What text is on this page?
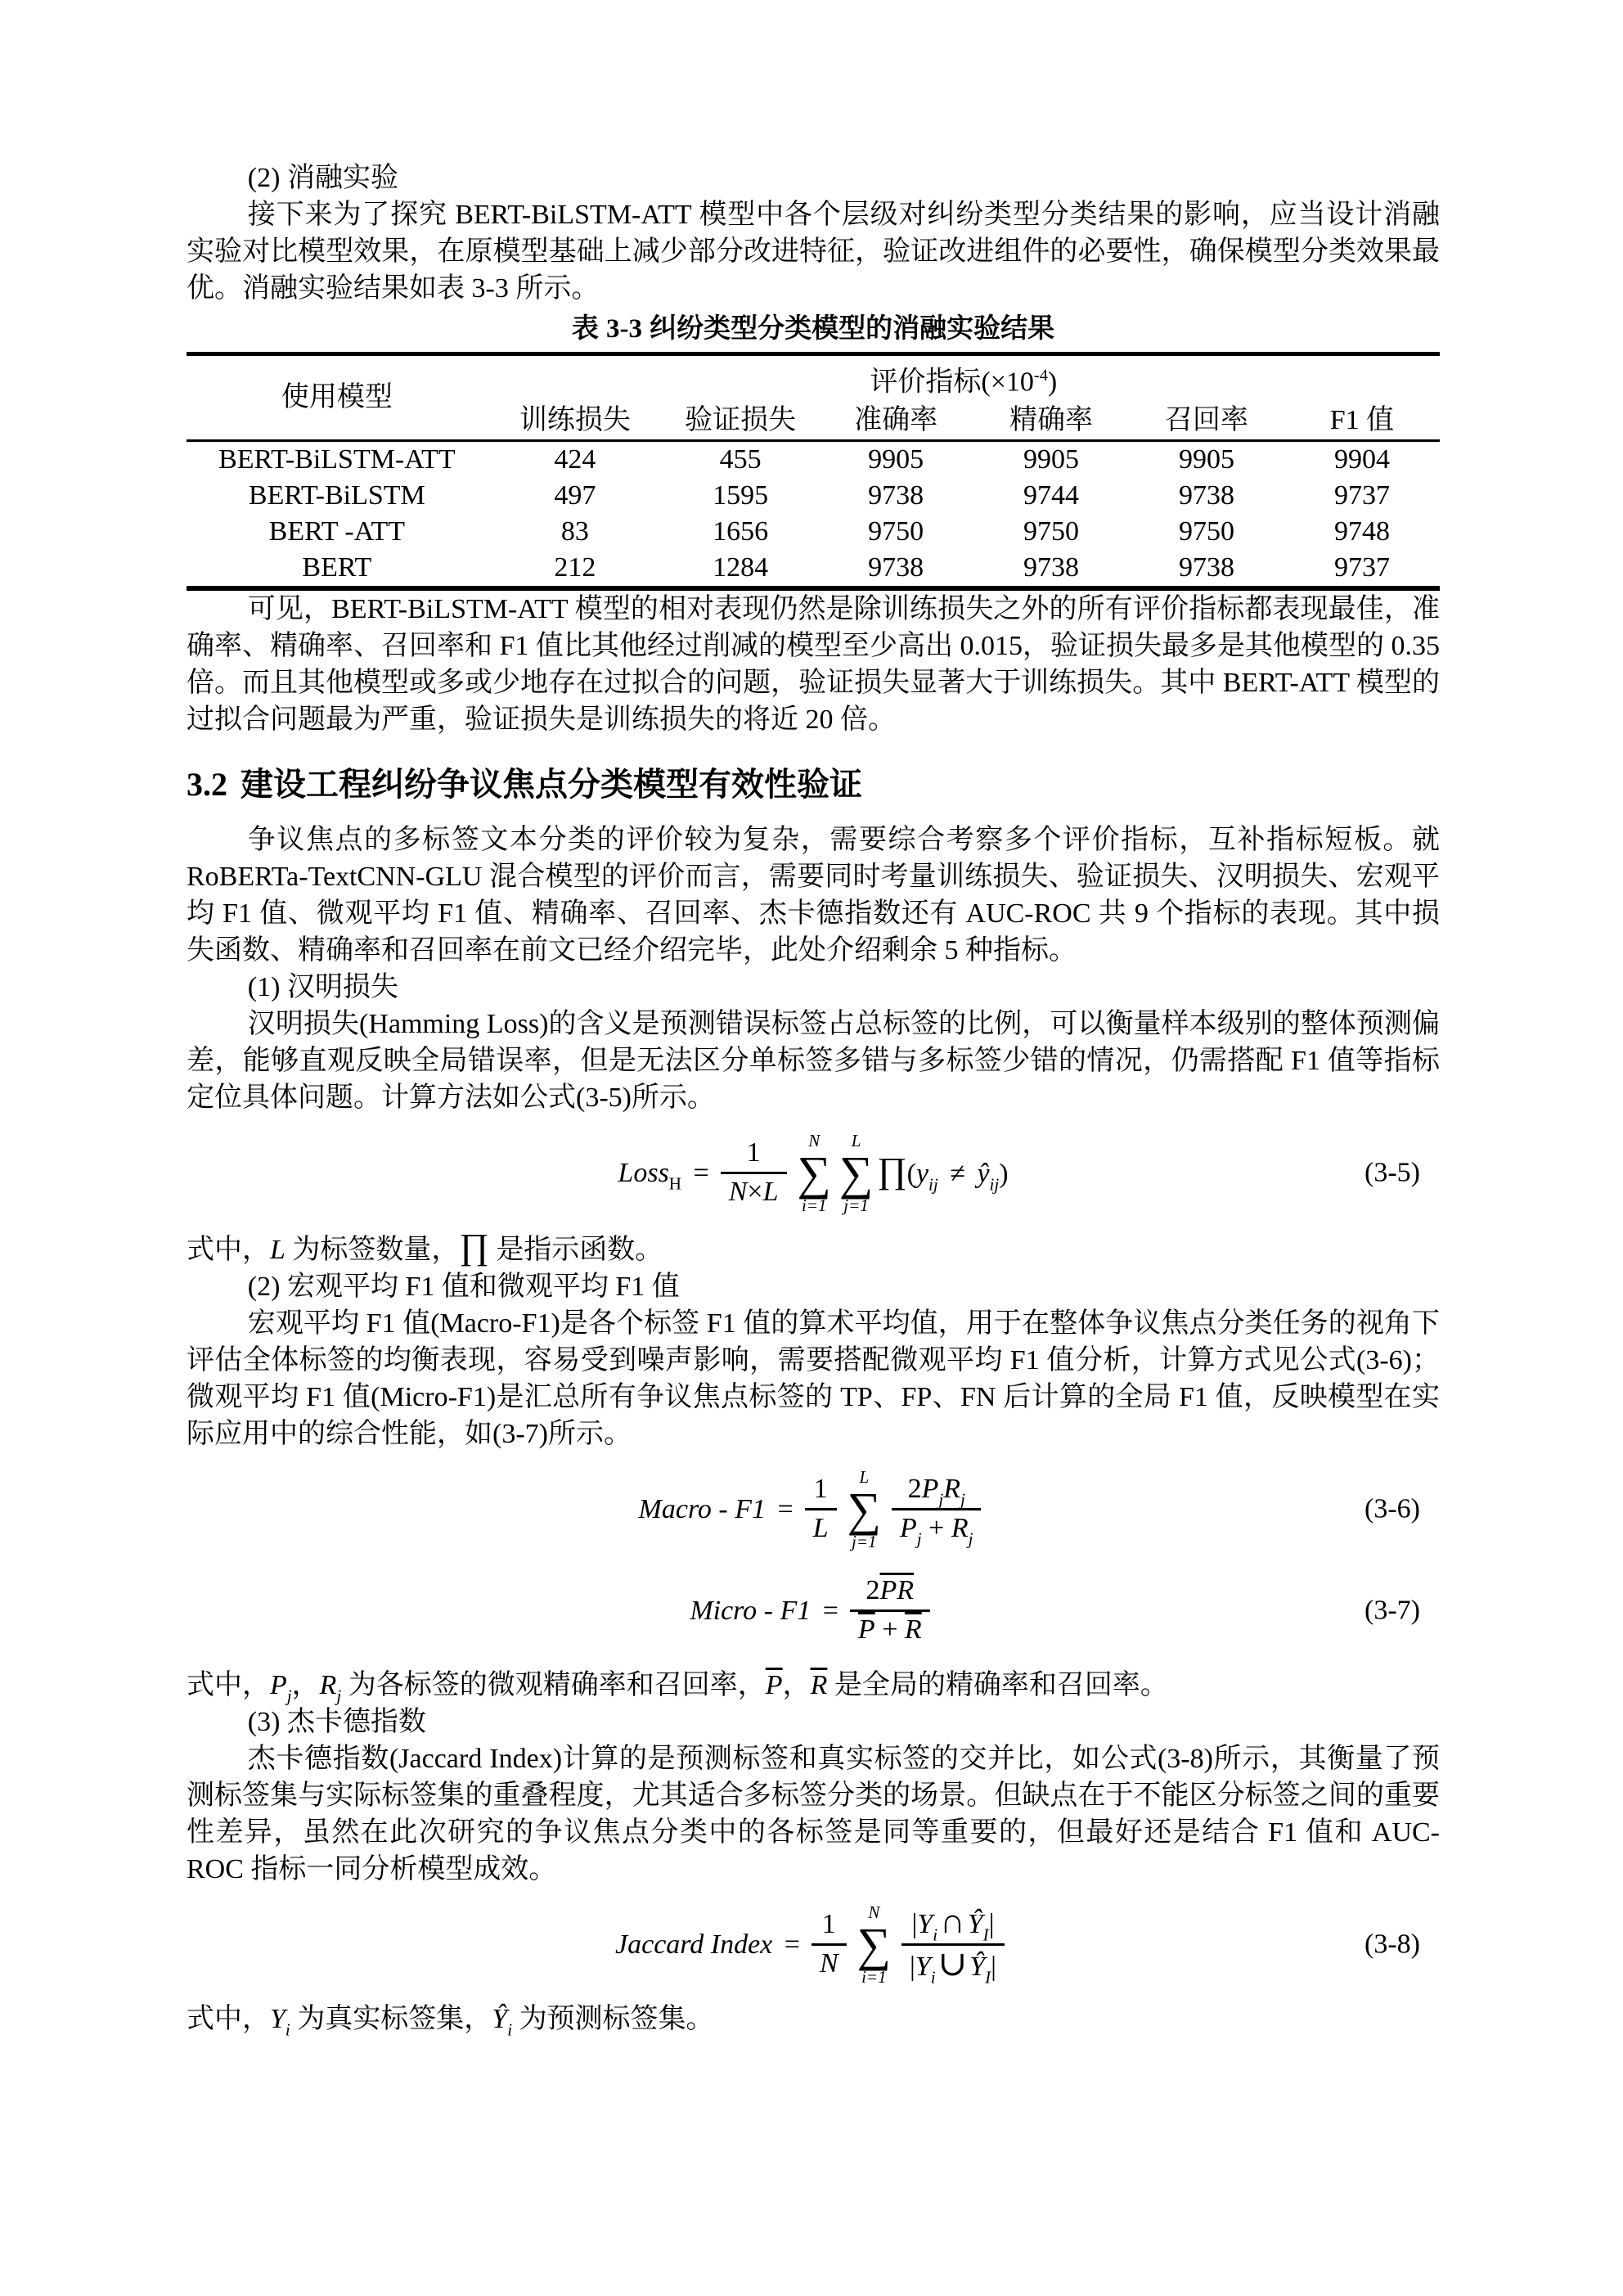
(2) 消融实验

接下来为了探究 BERT-BiLSTM-ATT 模型中各个层级对纠纷类型分类结果的影响，应当设计消融实验对比模型效果，在原模型基础上减少部分改进特征，验证改进组件的必要性，确保模型分类效果最优。消融实验结果如表 3-3 所示。

表 3-3 纠纷类型分类模型的消融实验结果
使用模型	评价指标$(\times 10^{-4})$					
	训练损失	验证损失	准确率	精确率	召回率	F1 值
BERT-BiLSTM-ATT	424	455	9905	9905	9905	9904
BERT-BiLSTM	497	1595	9738	9744	9738	9737
BERT -ATT	83	1656	9750	9750	9750	9748
BERT	212	1284	9738	9738	9738	9737

可见，BERT-BiLSTM-ATT 模型的相对表现仍然是除训练损失之外的所有评价指标都表现最佳，准确率、精确率、召回率和 F1 值比其他经过削减的模型至少高出 0.015，验证损失最多是其他模型的 0.35 倍。而且其他模型或多或少地存在过拟合的问题，验证损失显著大于训练损失。其中 BERT-ATT 模型的过拟合问题最为严重，验证损失是训练损失的将近 20 倍。

3.2 建设工程纠纷争议焦点分类模型有效性验证

争议焦点的多标签文本分类的评价较为复杂，需要综合考察多个评价指标，互补指标短板。就 RoBERTa-TextCNN-GLU 混合模型的评价而言，需要同时考量训练损失、验证损失、汉明损失、宏观平均 F1 值、微观平均 F1 值、精确率、召回率、杰卡德指数还有 AUC-ROC 共 9 个指标的表现。其中损失函数、精确率和召回率在前文已经介绍完毕，此处介绍剩余 5 种指标。

(1) 汉明损失

汉明损失(Hamming Loss)的含义是预测错误标签占总标签的比例，可以衡量样本级别的整体预测偏差，能够直观反映全局错误率，但是无法区分单标签多错与多标签少错的情况，仍需搭配 F1 值等指标定位具体问题。计算方法如公式(3-5)所示。

Loss$_H$ = $\frac{1}{N\times L}$ N
∑
i=1
L
∑
j=1
$\prod(y_{ij}$ ≠ $ŷ_{ij}$)	(3-5)

式中，L 为标签数量，∏ 是指示函数。

(2) 宏观平均 F1 值和微观平均 F1 值

宏观平均 F1 值(Macro-F1)是各个标签 F1 值的算术平均值，用于在整体争议焦点分类任务的视角下评估全体标签的均衡表现，容易受到噪声影响，需要搭配微观平均 F1 值分析，计算方式见公式(3-6)；微观平均 F1 值(Micro-F1)是汇总所有争议焦点标签的 TP、FP、FN 后计算的全局 F1 值，反映模型在实际应用中的综合性能，如(3-7)所示。

Macro - $F1 = \frac{1}{L}$ L
∑
$j=1 \frac{2P_jR_j}{P_j + R_j}$	(3-6)
Micro - $F1 = \frac{2\overline{PR}}{\overline{P} + \overline{R}}$	(3-7)

式中，$P_j$，$R_j$ 为各标签的微观精确率和召回率，$\overline{P}$，$\overline{R}$ 是全局的精确率和召回率。

(3) 杰卡德指数

杰卡德指数(Jaccard Index)计算的是预测标签和真实标签的交并比，如公式(3-8)所示，其衡量了预测标签集与实际标签集的重叠程度，尤其适合多标签分类的场景。但缺点在于不能区分标签之间的重要性差异，虽然在此次研究的争议焦点分类中的各标签是同等重要的，但最好还是结合 F1 值和 AUC-ROC 指标一同分析模型成效。

Jaccard Index = $\frac{1}{N}$ N
∑
$i=1 \frac{|Y_i\cap Ŷ_I|}{|Y_i\cup Ŷ_I|}$	(3-8)

式中，$Y_i$ 为真实标签集，$Ŷ_i$ 为预测标签集。
